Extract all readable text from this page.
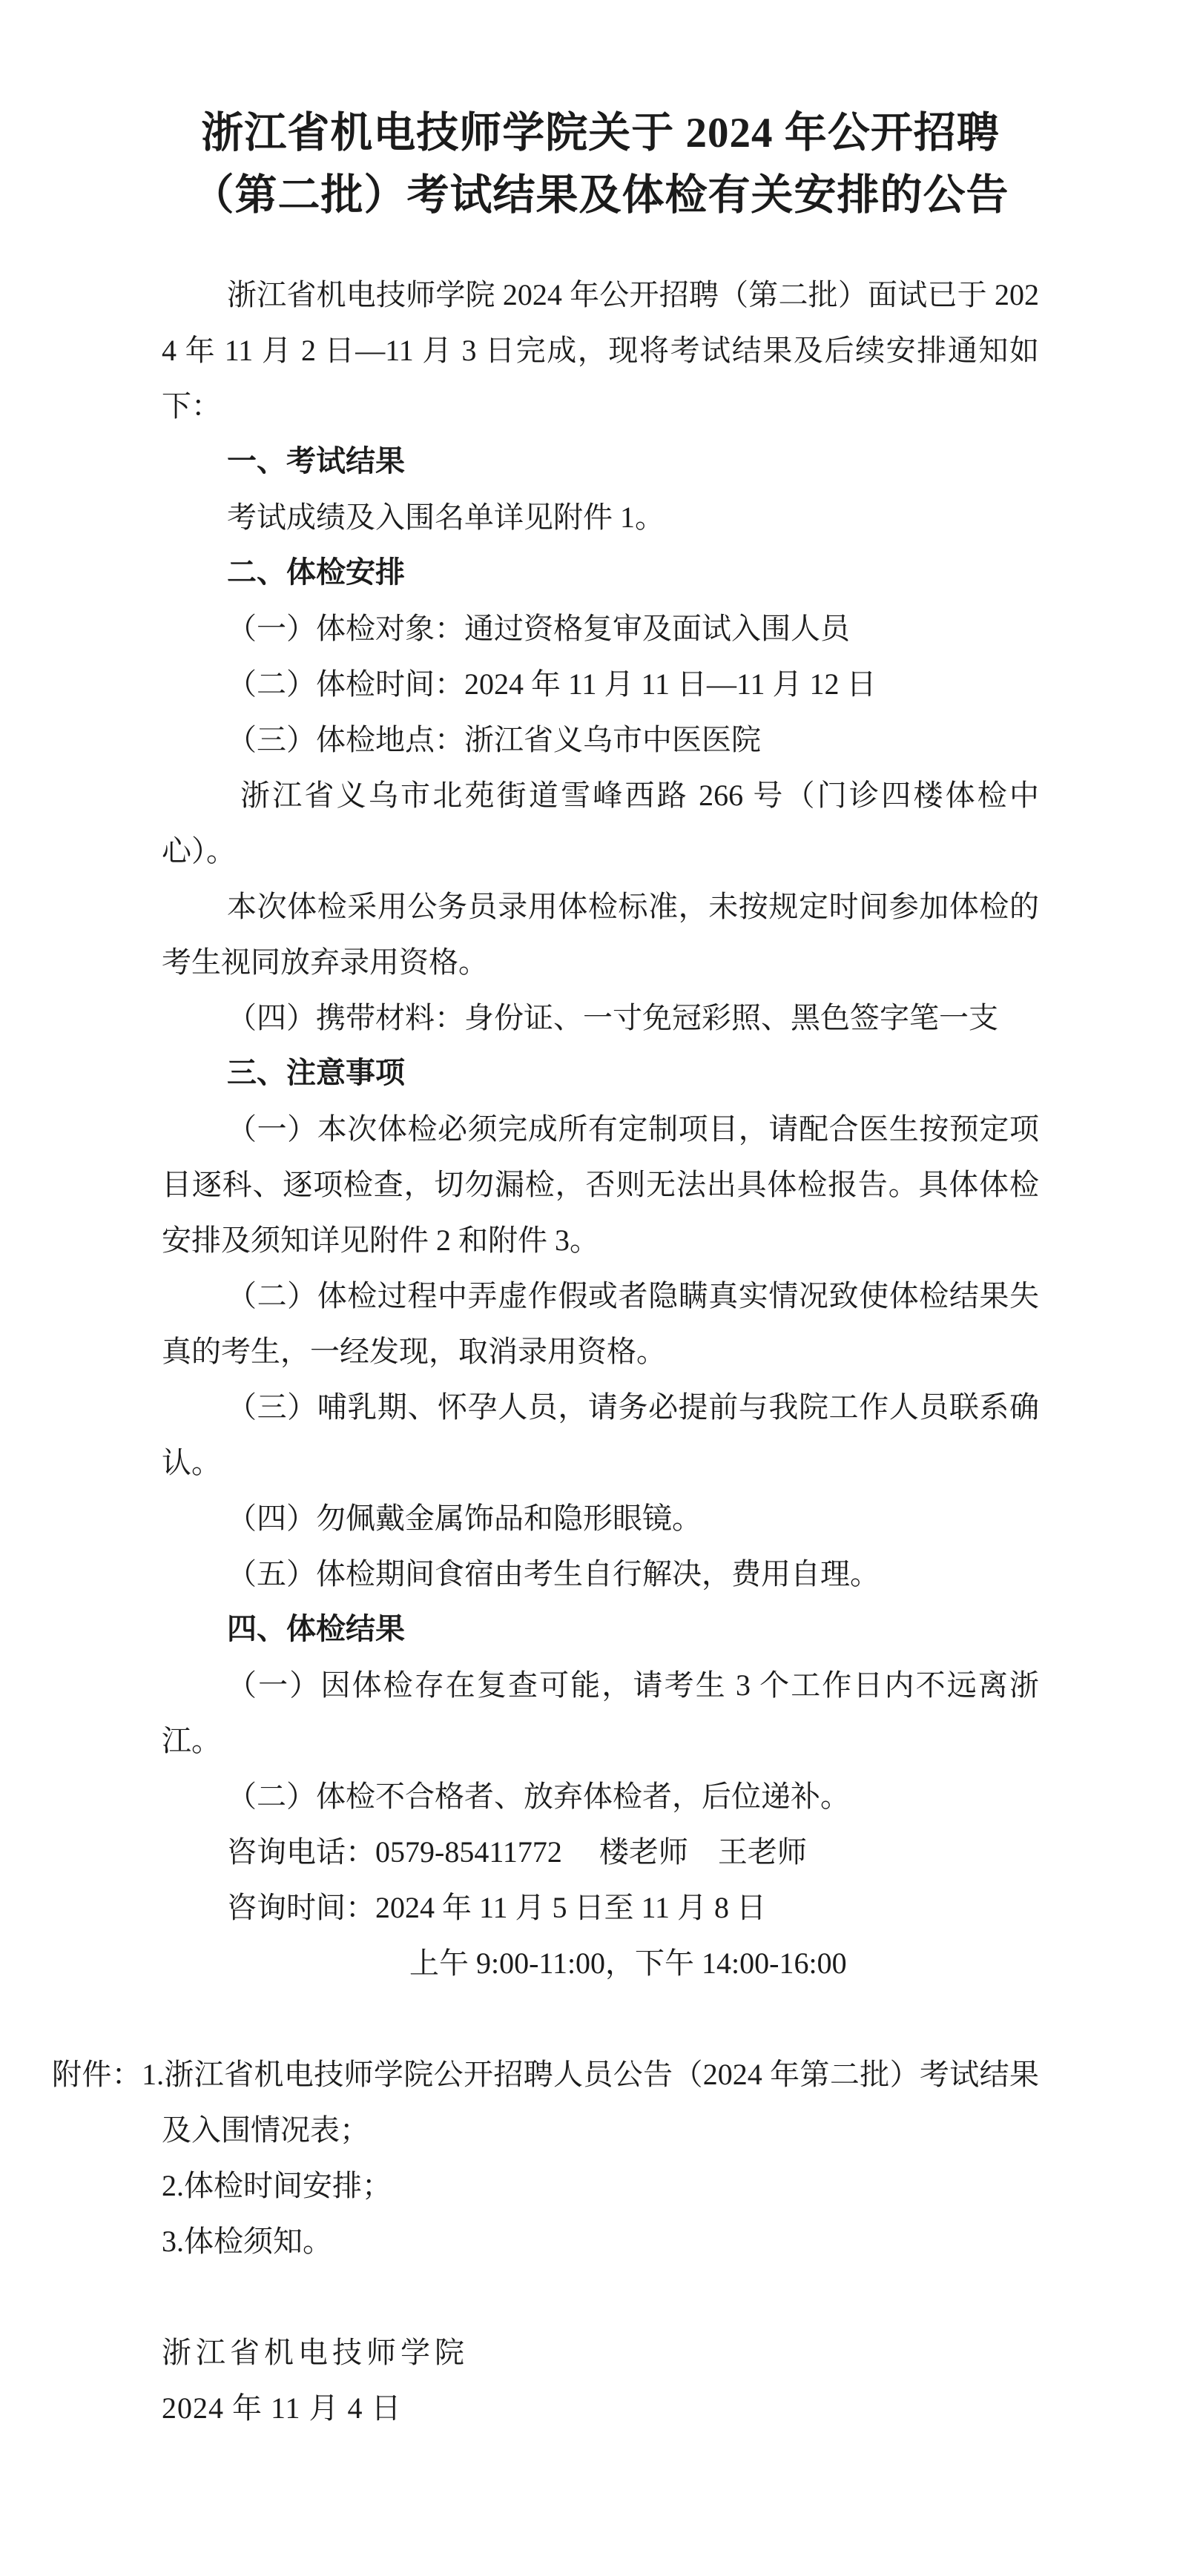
浙江省机电技师学院关于 2024 年公开招聘
（第二批）考试结果及体检有关安排的公告

浙江省机电技师学院 2024 年公开招聘（第二批）面试已于 2024 年 11 月 2 日—11 月 3 日完成，现将考试结果及后续安排通知如下：

一、考试结果

考试成绩及入围名单详见附件 1。

二、体检安排

（一）体检对象：通过资格复审及面试入围人员

（二）体检时间：2024 年 11 月 11 日—11 月 12 日

（三）体检地点：浙江省义乌市中医医院

浙江省义乌市北苑街道雪峰西路 266 号（门诊四楼体检中心）。

本次体检采用公务员录用体检标准，未按规定时间参加体检的考生视同放弃录用资格。

（四）携带材料：身份证、一寸免冠彩照、黑色签字笔一支

三、注意事项

（一）本次体检必须完成所有定制项目，请配合医生按预定项目逐科、逐项检查，切勿漏检，否则无法出具体检报告。具体体检安排及须知详见附件 2 和附件 3。

（二）体检过程中弄虚作假或者隐瞒真实情况致使体检结果失真的考生，一经发现，取消录用资格。

（三）哺乳期、怀孕人员，请务必提前与我院工作人员联系确认。

（四）勿佩戴金属饰品和隐形眼镜。

（五）体检期间食宿由考生自行解决，费用自理。

四、体检结果

（一）因体检存在复查可能，请考生 3 个工作日内不远离浙江。

（二）体检不合格者、放弃体检者，后位递补。

咨询电话：0579-85411772　 楼老师　王老师

咨询时间：2024 年 11 月 5 日至 11 月 8 日

上午 9:00-11:00，下午 14:00-16:00

附件：1.浙江省机电技师学院公开招聘人员公告（2024 年第二批）考试结果及入围情况表；

2.体检时间安排；

3.体检须知。

浙江省机电技师学院

2024 年 11 月 4 日
